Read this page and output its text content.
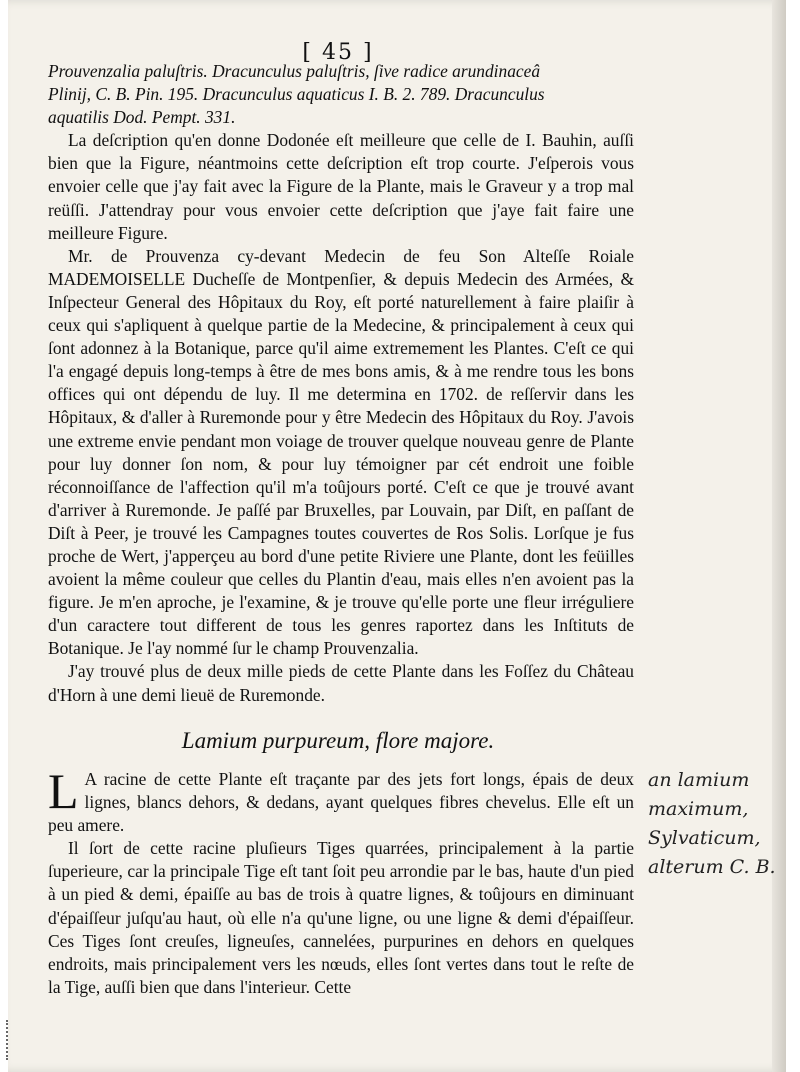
[ 45 ]

Prouvenzalia paluſtris. Dracunculus paluſtris, ſive radice arundinaceâ

Plinij, C. B. Pin. 195. Dracunculus aquaticus I. B. 2. 789. Dracunculus

aquatilis Dod. Pempt. 331.

La deſcription qu'en donne Dodonée eſt meilleure que celle de I. Bauhin, auſſi bien que la Figure, néantmoins cette deſcription eſt trop courte. J'eſperois vous envoier celle que j'ay fait avec la Figure de la Plante, mais le Graveur y a trop mal reüſſi. J'attendray pour vous envoier cette deſcription que j'aye fait faire une meilleure Figure.

Mr. de Prouvenza cy-devant Medecin de feu Son Alteſſe Roiale MADEMOISELLE Ducheſſe de Montpenſier, & depuis Medecin des Armées, & Inſpecteur General des Hôpitaux du Roy, eſt porté naturellement à faire plaiſir à ceux qui s'apliquent à quelque partie de la Medecine, & principalement à ceux qui ſont adonnez à la Botanique, parce qu'il aime extremement les Plantes. C'eſt ce qui l'a engagé depuis long-temps à être de mes bons amis, & à me rendre tous les bons offices qui ont dépendu de luy. Il me determina en 1702. de reſſervir dans les Hôpitaux, & d'aller à Ruremonde pour y être Medecin des Hôpitaux du Roy. J'avois une extreme envie pendant mon voiage de trouver quelque nouveau genre de Plante pour luy donner ſon nom, & pour luy témoigner par cét endroit une foible réconnoiſſance de l'affection qu'il m'a toûjours porté. C'eſt ce que je trouvé avant d'arriver à Ruremonde. Je paſſé par Bruxelles, par Louvain, par Diſt, en paſſant de Diſt à Peer, je trouvé les Campagnes toutes couvertes de Ros Solis. Lorſque je fus proche de Wert, j'apperçeu au bord d'une petite Riviere une Plante, dont les feüilles avoient la même couleur que celles du Plantin d'eau, mais elles n'en avoient pas la figure. Je m'en aproche, je l'examine, & je trouve qu'elle porte une fleur irréguliere d'un caractere tout different de tous les genres raportez dans les Inſtituts de Botanique. Je l'ay nommé ſur le champ Prouvenzalia.

J'ay trouvé plus de deux mille pieds de cette Plante dans les Foſſez du Château d'Horn à une demi lieuë de Ruremonde.

Lamium purpureum, flore majore.

L A racine de cette Plante eſt traçante par des jets fort longs, épais de deux lignes, blancs dehors, & dedans, ayant quelques fibres chevelus. Elle eſt un peu amere.

Il ſort de cette racine pluſieurs Tiges quarrées, principalement à la partie ſuperieure, car la principale Tige eſt tant ſoit peu arrondie par le bas, haute d'un pied à un pied & demi, épaiſſe au bas de trois à quatre lignes, & toûjours en diminuant d'épaiſſeur juſqu'au haut, où elle n'a qu'une ligne, ou une ligne & demi d'épaiſſeur. Ces Tiges ſont creuſes, ligneuſes, cannelées, purpurines en dehors en quelques endroits, mais principalement vers les nœuds, elles ſont vertes dans tout le reſte de la Tige, auſſi bien que dans l'interieur. Cette

an lamium
maximum,
Sylvaticum,
alterum C. B.
